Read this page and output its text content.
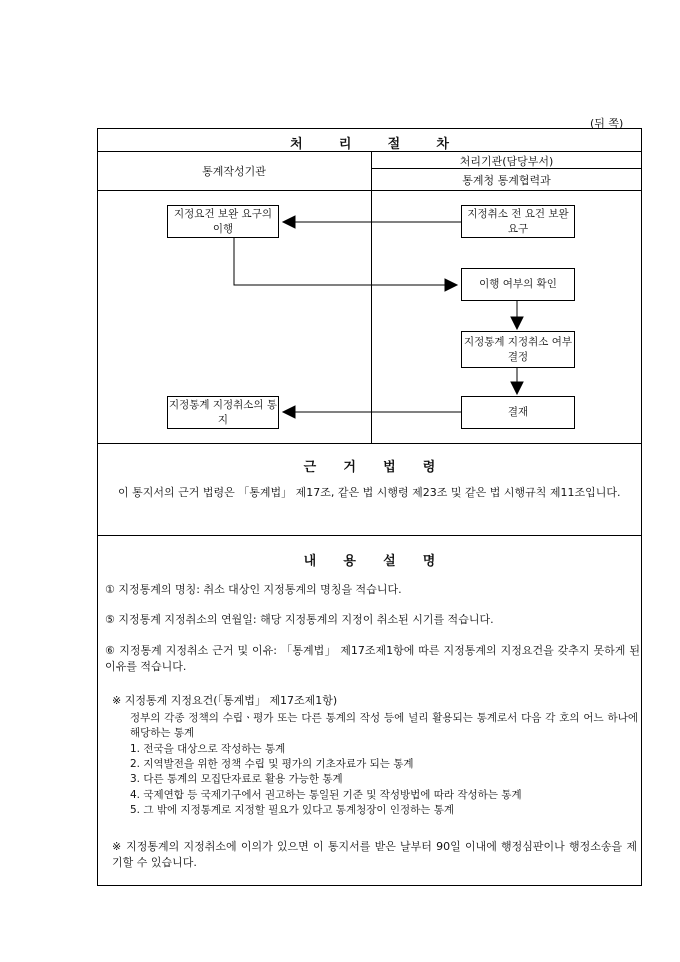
(뒤 쪽)
처        리        절        차
통계작성기관
처리기관(담당부서)
통계청 통계협력과
지정요건 보완 요구의 이행
지정취소 전 요건 보완 요구
이행 여부의 확인
지정통계 지정취소 여부 결정
결재
지정통계 지정취소의 통지
근      거      법      령
이 통지서의 근거 법령은 「통계법」 제17조, 같은 법 시행령 제23조 및 같은 법 시행규칙 제11조입니다.
내      용      설      명
① 지정통계의 명칭: 취소 대상인 지정통계의 명칭을 적습니다.
⑤ 지정통계 지정취소의 연월일: 해당 지정통계의 지정이 취소된 시기를 적습니다.
⑥ 지정통계 지정취소 근거 및 이유: 「통계법」 제17조제1항에 따른 지정통계의 지정요건을 갖추지 못하게 된 이유를 적습니다.
※ 지정통계 지정요건(「통계법」 제17조제1항)
정부의 각종 정책의 수립ㆍ평가 또는 다른 통계의 작성 등에 널리 활용되는 통계로서 다음 각 호의 어느 하나에 해당하는 통계
1. 전국을 대상으로 작성하는 통계
2. 지역발전을 위한 정책 수립 및 평가의 기초자료가 되는 통계
3. 다른 통계의 모집단자료로 활용 가능한 통계
4. 국제연합 등 국제기구에서 권고하는 통일된 기준 및 작성방법에 따라 작성하는 통계
5. 그 밖에 지정통계로 지정할 필요가 있다고 통계청장이 인정하는 통계
※ 지정통계의 지정취소에 이의가 있으면 이 통지서를 받은 날부터 90일 이내에 행정심판이나 행정소송을 제기할 수 있습니다.
